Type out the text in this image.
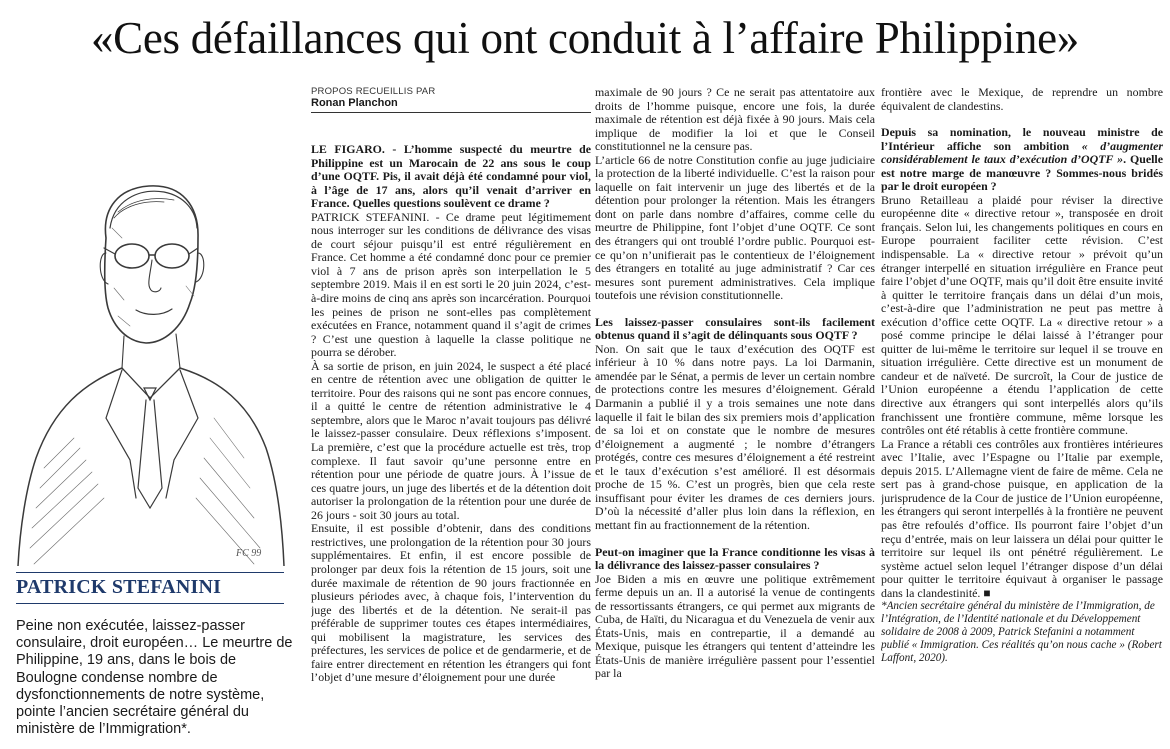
«Ces défaillances qui ont conduit à l’affaire Philippine»
FC 99
PATRICK STEFANINI
Peine non exécutée, laissez-passer consulaire, droit européen… Le meurtre de Philippine, 19 ans, dans le bois de Boulogne condense nombre de dysfonctionnements de notre système, pointe l’ancien secrétaire général du ministère de l’Immigration*.
PROPOS RECUEILLIS PAR
Ronan Planchon

LE FIGARO. - L’homme suspecté du meurtre de Philippine est un Marocain de 22 ans sous le coup d’une OQTF. Pis, il avait déjà été condamné pour viol, à l’âge de 17 ans, alors qu’il venait d’arriver en France. Quelles questions soulèvent ce drame ?

PATRICK STEFANINI. - Ce drame peut légitimement nous interroger sur les conditions de délivrance des visas de court séjour puisqu’il est entré régulièrement en France. Cet homme a été condamné donc pour ce premier viol à 7 ans de prison après son interpellation le 5 septembre 2019. Mais il en est sorti le 20 juin 2024, c’est-à-dire moins de cinq ans après son incarcération. Pourquoi les peines de prison ne sont-elles pas complètement exécutées en France, notamment quand il s’agit de crimes ? C’est une question à laquelle la classe politique ne pourra se dérober.

À sa sortie de prison, en juin 2024, le suspect a été placé en centre de rétention avec une obligation de quitter le territoire. Pour des raisons qui ne sont pas encore connues, il a quitté le centre de rétention administrative le 4 septembre, alors que le Maroc n’avait toujours pas délivré le laissez-passer consulaire. Deux réflexions s’imposent. La première, c’est que la procédure actuelle est très, trop complexe. Il faut savoir qu’une personne entre en rétention pour une période de quatre jours. À l’issue de ces quatre jours, un juge des libertés et de la détention doit autoriser la prolongation de la rétention pour une durée de 26 jours - soit 30 jours au total.

Ensuite, il est possible d’obtenir, dans des conditions restrictives, une prolongation de la rétention pour 30 jours supplémentaires. Et enfin, il est encore possible de prolonger par deux fois la rétention de 15 jours, soit une durée maximale de rétention de 90 jours fractionnée en plusieurs périodes avec, à chaque fois, l’intervention du juge des libertés et de la détention. Ne serait-il pas préférable de supprimer toutes ces étapes intermédiaires, qui mobilisent la magistrature, les services des préfectures, les services de police et de gendarmerie, et de faire entrer directement en rétention les étrangers qui font l’objet d’une mesure d’éloignement pour une durée

maximale de 90 jours ? Ce ne serait pas attentatoire aux droits de l’homme puisque, encore une fois, la durée maximale de rétention est déjà fixée à 90 jours. Mais cela implique de modifier la loi et que le Conseil constitutionnel ne la censure pas.

L’article 66 de notre Constitution confie au juge judiciaire la protection de la liberté individuelle. C’est la raison pour laquelle on fait intervenir un juge des libertés et de la détention pour prolonger la rétention. Mais les étrangers dont on parle dans nombre d’affaires, comme celle du meurtre de Philippine, font l’objet d’une OQTF. Ce sont des étrangers qui ont troublé l’ordre public. Pourquoi est-ce qu’on n’unifierait pas le contentieux de l’éloignement des étrangers en totalité au juge administratif ? Car ces mesures sont purement administratives. Cela implique toutefois une révision constitutionnelle.

Les laissez-passer consulaires sont-ils facilement obtenus quand il s’agit de délinquants sous OQTF ?

Non. On sait que le taux d’exécution des OQTF est inférieur à 10 % dans notre pays. La loi Darmanin, amendée par le Sénat, a permis de lever un certain nombre de protections contre les mesures d’éloignement. Gérald Darmanin a publié il y a trois semaines une note dans laquelle il fait le bilan des six premiers mois d’application de sa loi et on constate que le nombre de mesures d’éloignement a augmenté ; le nombre d’étrangers protégés, contre ces mesures d’éloignement a été restreint et le taux d’exécution s’est amélioré. Il est désormais proche de 15 %. C’est un progrès, bien que cela reste insuffisant pour éviter les drames de ces derniers jours. D’où la nécessité d’aller plus loin dans la réflexion, en mettant fin au fractionnement de la rétention.

Peut-on imaginer que la France conditionne les visas à la délivrance des laissez-passer consulaires ?

Joe Biden a mis en œuvre une politique extrêmement ferme depuis un an. Il a autorisé la venue de contingents de ressortissants étrangers, ce qui permet aux migrants de Cuba, de Haïti, du Nicaragua et du Venezuela de venir aux États-Unis, mais en contrepartie, il a demandé au Mexique, puisque les étrangers qui tentent d’atteindre les États-Unis de manière irrégulière passent pour l’essentiel par la

frontière avec le Mexique, de reprendre un nombre équivalent de clandestins.

Depuis sa nomination, le nouveau ministre de l’Intérieur affiche son ambition « d’augmenter considérablement le taux d’exécution d’OQTF ». Quelle est notre marge de manœuvre ? Sommes-nous bridés par le droit européen ?

Bruno Retailleau a plaidé pour réviser la directive européenne dite « directive retour », transposée en droit français. Selon lui, les changements politiques en cours en Europe pourraient faciliter cette révision. C’est indispensable. La « directive retour » prévoit qu’un étranger interpellé en situation irrégulière en France peut faire l’objet d’une OQTF, mais qu’il doit être ensuite invité à quitter le territoire français dans un délai d’un mois, c’est-à-dire que l’administration ne peut pas mettre à exécution d’office cette OQTF. La « directive retour » a posé comme principe le délai laissé à l’étranger pour quitter de lui-même le territoire sur lequel il se trouve en situation irrégulière. Cette directive est un monument de candeur et de naïveté. De surcroît, la Cour de justice de l’Union européenne a étendu l’application de cette directive aux étrangers qui sont interpellés alors qu’ils franchissent une frontière commune, même lorsque les contrôles ont été rétablis à cette frontière commune.

La France a rétabli ces contrôles aux frontières intérieures avec l’Italie, avec l’Espagne ou l’Italie par exemple, depuis 2015. L’Allemagne vient de faire de même. Cela ne sert pas à grand-chose puisque, en application de la jurisprudence de la Cour de justice de l’Union européenne, les étrangers qui seront interpellés à la frontière ne peuvent pas être refoulés d’office. Ils pourront faire l’objet d’un reçu d’entrée, mais on leur laissera un délai pour quitter le territoire sur lequel ils ont pénétré régulièrement. Le système actuel selon lequel l’étranger dispose d’un délai pour quitter le territoire équivaut à organiser le passage dans la clandestinité. ■

*Ancien secrétaire général du ministère de l’Immigration, de l’Intégration, de l’Identité nationale et du Développement solidaire de 2008 à 2009, Patrick Stefanini a notamment publié « Immigration. Ces réalités qu’on nous cache » (Robert Laffont, 2020).
